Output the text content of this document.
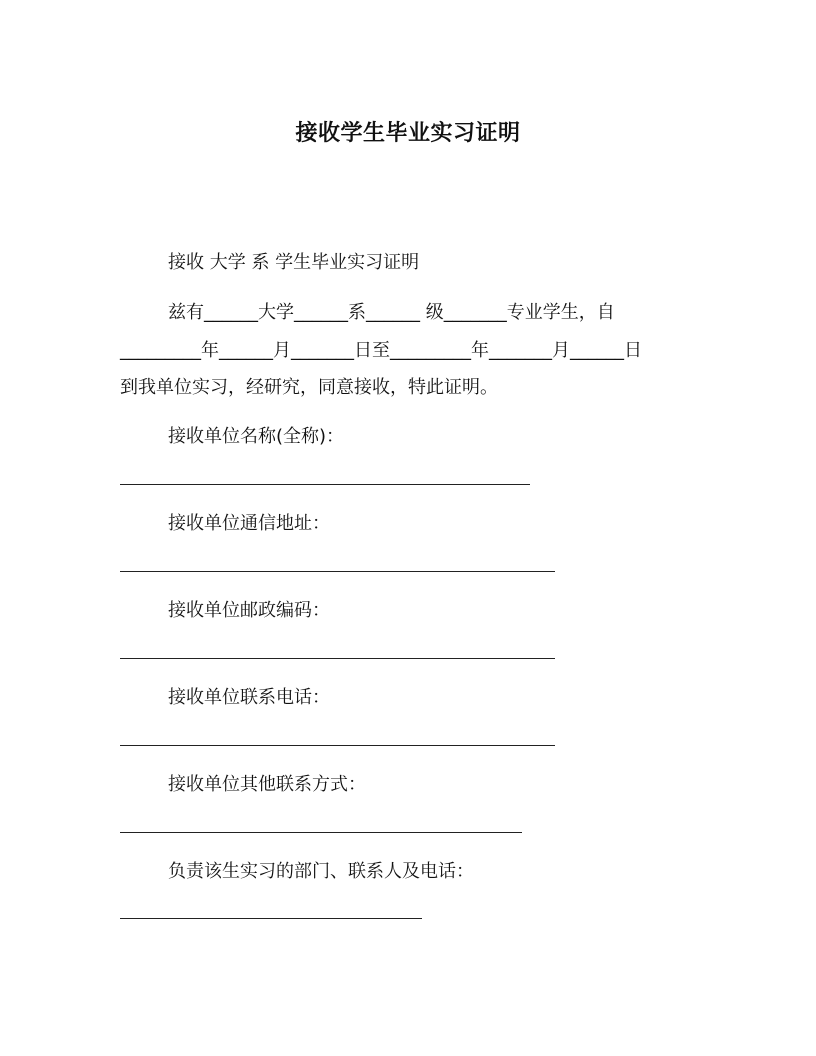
接收学生毕业实习证明
接收 大学 系 学生毕业实习证明
兹有______大学______系______ 级_______专业学生，自
_________年______月_______日至_________年_______月______日
到我单位实习，经研究，同意接收，特此证明。
接收单位名称(全称)：
接收单位通信地址：
接收单位邮政编码：
接收单位联系电话：
接收单位其他联系方式：
负责该生实习的部门、联系人及电话：
